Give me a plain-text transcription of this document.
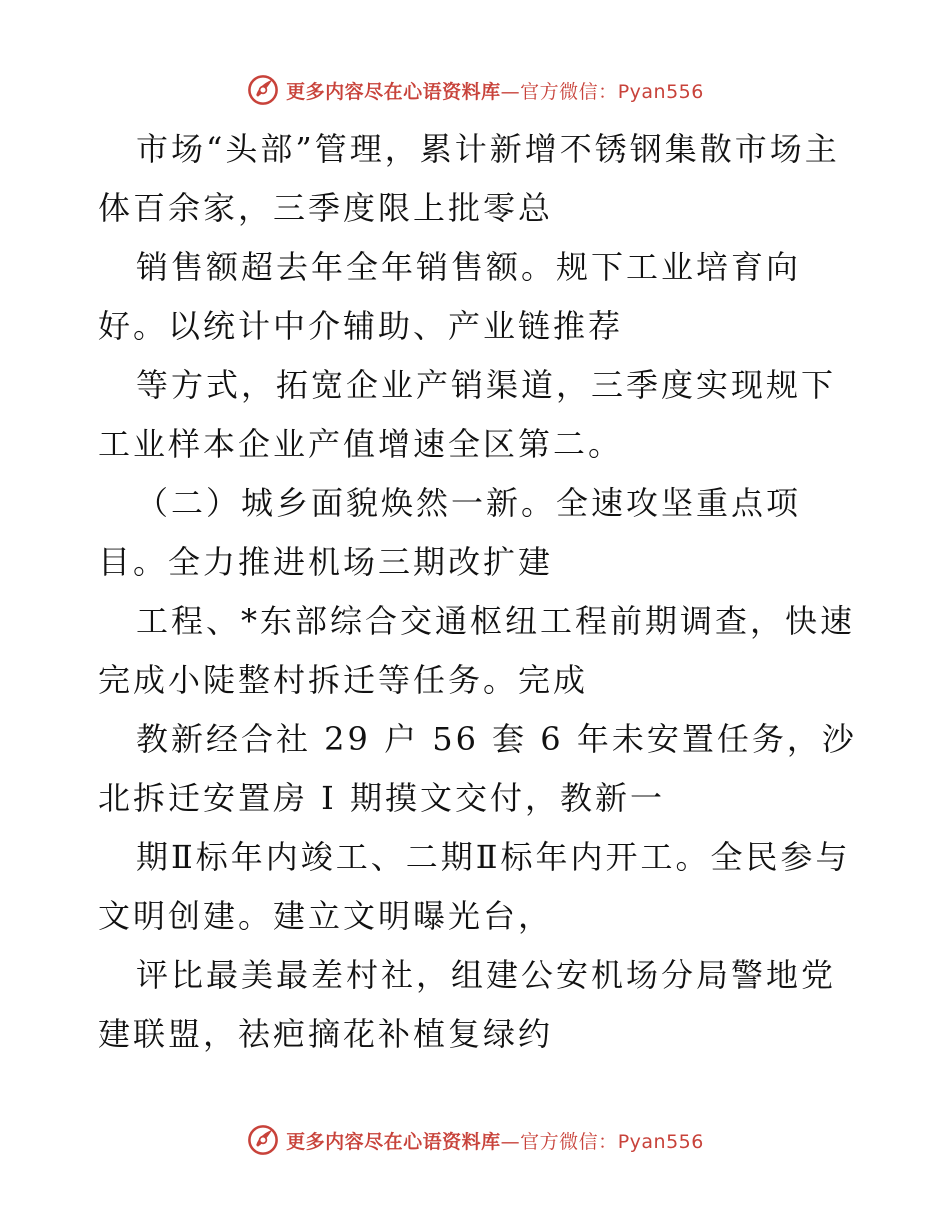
更多内容尽在心语资料库—官方微信：Pyan556

市场“头部”管理，累计新增不锈钢集散市场主体百余家，三季度限上批零总

销售额超去年全年销售额。规下工业培育向好。以统计中介辅助、产业链推荐

等方式，拓宽企业产销渠道，三季度实现规下工业样本企业产值增速全区第二。

（二）城乡面貌焕然一新。全速攻坚重点项目。全力推进机场三期改扩建

工程、*东部综合交通枢纽工程前期调查，快速完成小陡整村拆迁等任务。完成

教新经合社 29 户 56 套 6 年未安置任务，沙北拆迁安置房 Ⅰ 期摸文交付，教新一

期Ⅱ标年内竣工、二期Ⅱ标年内开工。全民参与文明创建。建立文明曝光台，

评比最美最差村社，组建公安机场分局警地党建联盟，祛疤摘花补植复绿约

更多内容尽在心语资料库—官方微信：Pyan556
